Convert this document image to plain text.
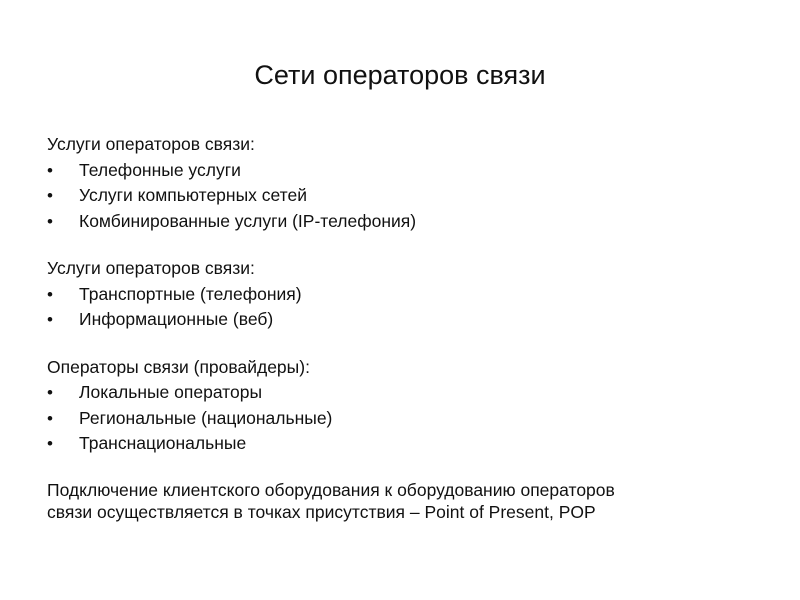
Сети операторов связи
Услуги операторов связи:
•	Телефонные услуги
•	Услуги компьютерных сетей
•	Комбинированные услуги (IP-телефония)
Услуги операторов связи:
•	Транспортные (телефония)
•	Информационные (веб)
Операторы связи (провайдеры):
•	Локальные операторы
•	Региональные (национальные)
•	Транснациональные

Подключение клиентского оборудования к оборудованию операторов
связи осуществляется в точках присутствия – Point of Present, POP
